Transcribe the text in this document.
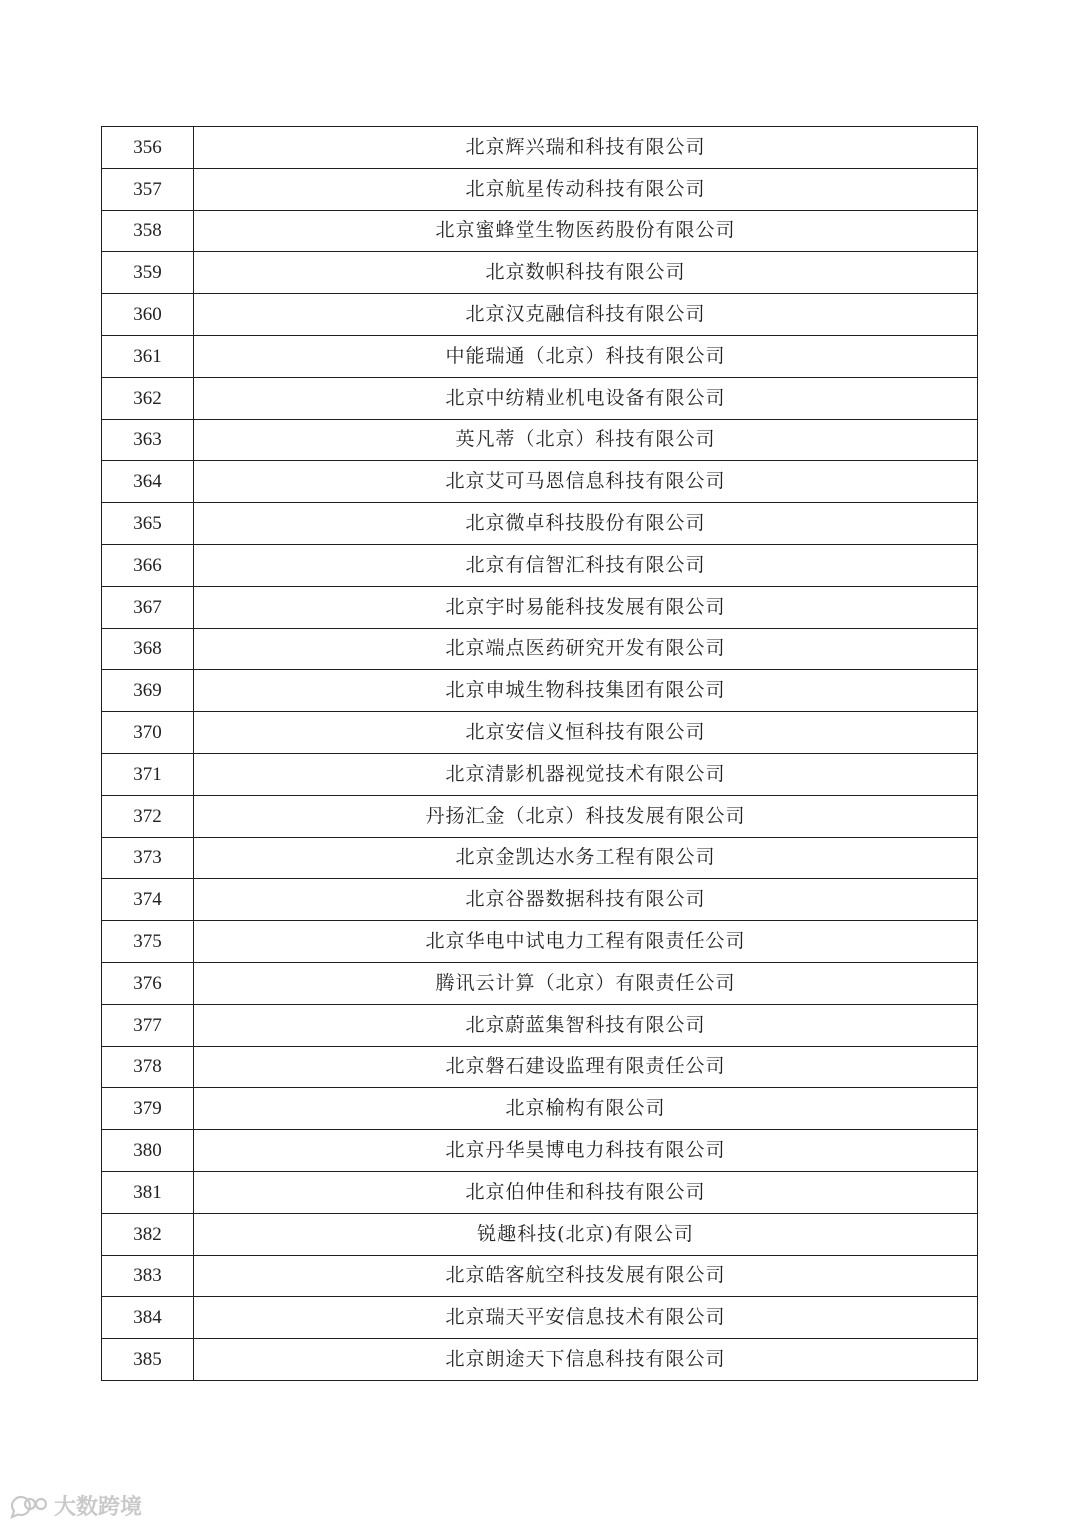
356	北京辉兴瑞和科技有限公司
357	北京航星传动科技有限公司
358	北京蜜蜂堂生物医药股份有限公司
359	北京数帜科技有限公司
360	北京汉克融信科技有限公司
361	中能瑞通（北京）科技有限公司
362	北京中纺精业机电设备有限公司
363	英凡蒂（北京）科技有限公司
364	北京艾可马恩信息科技有限公司
365	北京微卓科技股份有限公司
366	北京有信智汇科技有限公司
367	北京宇时易能科技发展有限公司
368	北京端点医药研究开发有限公司
369	北京申城生物科技集团有限公司
370	北京安信义恒科技有限公司
371	北京清影机器视觉技术有限公司
372	丹扬汇金（北京）科技发展有限公司
373	北京金凯达水务工程有限公司
374	北京谷器数据科技有限公司
375	北京华电中试电力工程有限责任公司
376	腾讯云计算（北京）有限责任公司
377	北京蔚蓝集智科技有限公司
378	北京磐石建设监理有限责任公司
379	北京榆构有限公司
380	北京丹华昊博电力科技有限公司
381	北京伯仲佳和科技有限公司
382	锐趣科技(北京)有限公司
383	北京皓客航空科技发展有限公司
384	北京瑞天平安信息技术有限公司
385	北京朗途天下信息科技有限公司
大数跨境
